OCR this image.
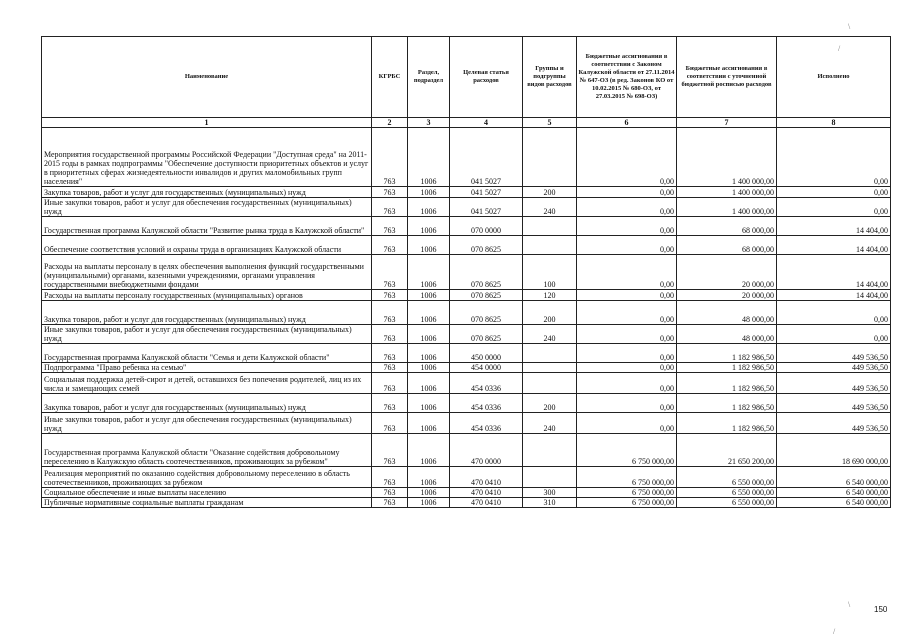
Наименование	КГРБС	Раздел, подраздел	Целевая статья расходов	Группы и подгруппы видов расходов	Бюджетные ассигнования в соответствии с Законом Калужской области от 27.11.2014 № 647-ОЗ (в ред. Законов КО от 10.02.2015 № 680-ОЗ, от 27.03.2015 № 698-ОЗ)	Бюджетные ассигнования в соответствии с уточненной бюджетной росписью расходов	Исполнено
1	2	3	4	5	6	7	8
Мероприятия государственной программы Российской Федерации "Доступная среда" на 2011-2015 годы в рамках подпрограммы "Обеспечение доступности приоритетных объектов и услуг в приоритетных сферах жизнедеятельности инвалидов и других маломобильных групп населения"	763	1006	041 5027		0,00	1 400 000,00	0,00
Закупка товаров, работ и услуг для государственных (муниципальных) нужд	763	1006	041 5027	200	0,00	1 400 000,00	0,00
Иные закупки товаров, работ и услуг для обеспечения государственных (муниципальных) нужд	763	1006	041 5027	240	0,00	1 400 000,00	0,00
Государственная программа Калужской области "Развитие рынка труда в Калужской области"	763	1006	070 0000		0,00	68 000,00	14 404,00
Обеспечение соответствия условий и охраны труда в организациях Калужской области	763	1006	070 8625		0,00	68 000,00	14 404,00
Расходы на выплаты персоналу в целях обеспечения выполнения функций государственными (муниципальными) органами, казенными учреждениями, органами управления государственными внебюджетными фондами	763	1006	070 8625	100	0,00	20 000,00	14 404,00
Расходы на выплаты персоналу государственных (муниципальных) органов	763	1006	070 8625	120	0,00	20 000,00	14 404,00
Закупка товаров, работ и услуг для государственных (муниципальных) нужд	763	1006	070 8625	200	0,00	48 000,00	0,00
Иные закупки товаров, работ и услуг для обеспечения государственных (муниципальных) нужд	763	1006	070 8625	240	0,00	48 000,00	0,00
Государственная программа Калужской области "Семья и дети Калужской области"	763	1006	450 0000		0,00	1 182 986,50	449 536,50
Подпрограмма "Право ребенка на семью"	763	1006	454 0000		0,00	1 182 986,50	449 536,50
Социальная поддержка детей-сирот и детей, оставшихся без попечения родителей, лиц из их числа и замещающих семей	763	1006	454 0336		0,00	1 182 986,50	449 536,50
Закупка товаров, работ и услуг для государственных (муниципальных) нужд	763	1006	454 0336	200	0,00	1 182 986,50	449 536,50
Иные закупки товаров, работ и услуг для обеспечения государственных (муниципальных) нужд	763	1006	454 0336	240	0,00	1 182 986,50	449 536,50
Государственная программа Калужской области "Оказание содействия добровольному переселению в Калужскую область соотечественников, проживающих за рубежом"	763	1006	470 0000		6 750 000,00	21 650 200,00	18 690 000,00
Реализация мероприятий по оказанию содействия добровольному переселению в область соотечественников, проживающих за рубежом	763	1006	470 0410		6 750 000,00	6 550 000,00	6 540 000,00
Социальное обеспечение и иные выплаты населению	763	1006	470 0410	300	6 750 000,00	6 550 000,00	6 540 000,00
Публичные нормативные социальные выплаты гражданам	763	1006	470 0410	310	6 750 000,00	6 550 000,00	6 540 000,00
150
\
/
\
/
